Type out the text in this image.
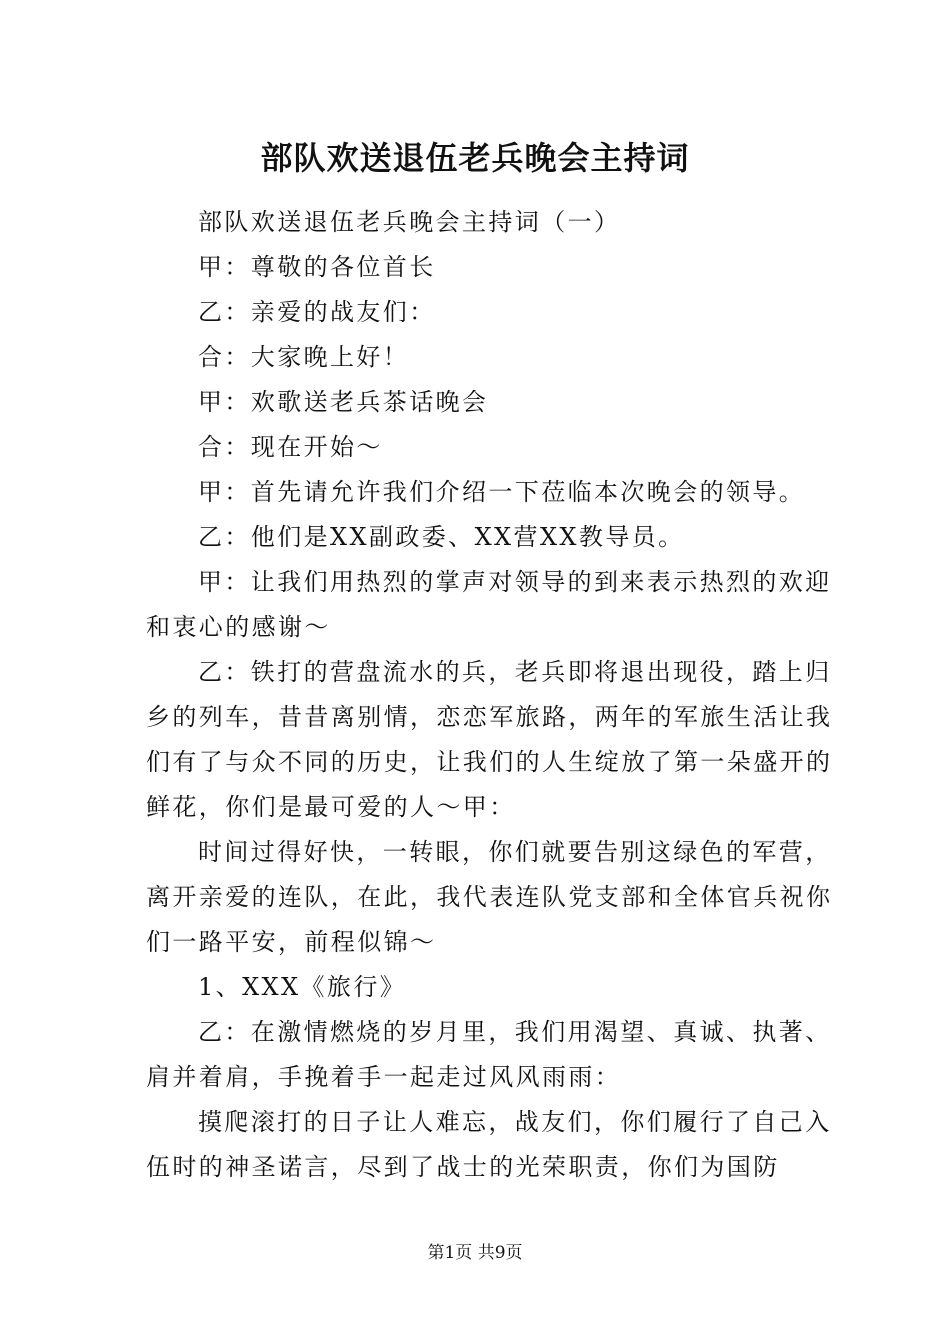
部队欢送退伍老兵晚会主持词

部队欢送退伍老兵晚会主持词（一）

甲：尊敬的各位首长

乙：亲爱的战友们：

合：大家晚上好！

甲：欢歌送老兵茶话晚会

合：现在开始～

甲：首先请允许我们介绍一下莅临本次晚会的领导。

乙：他们是XX副政委、XX营XX教导员。

甲：让我们用热烈的掌声对领导的到来表示热烈的欢迎和衷心的感谢～

乙：铁打的营盘流水的兵，老兵即将退出现役，踏上归乡的列车，昔昔离别情，恋恋军旅路，两年的军旅生活让我们有了与众不同的历史，让我们的人生绽放了第一朵盛开的鲜花，你们是最可爱的人～甲：

时间过得好快，一转眼，你们就要告别这绿色的军营，离开亲爱的连队，在此，我代表连队党支部和全体官兵祝你们一路平安，前程似锦～

1、XXX《旅行》

乙：在激情燃烧的岁月里，我们用渴望、真诚、执著、肩并着肩，手挽着手一起走过风风雨雨：

摸爬滚打的日子让人难忘，战友们，你们履行了自己入伍时的神圣诺言，尽到了战士的光荣职责，你们为国防

第1页 共9页
